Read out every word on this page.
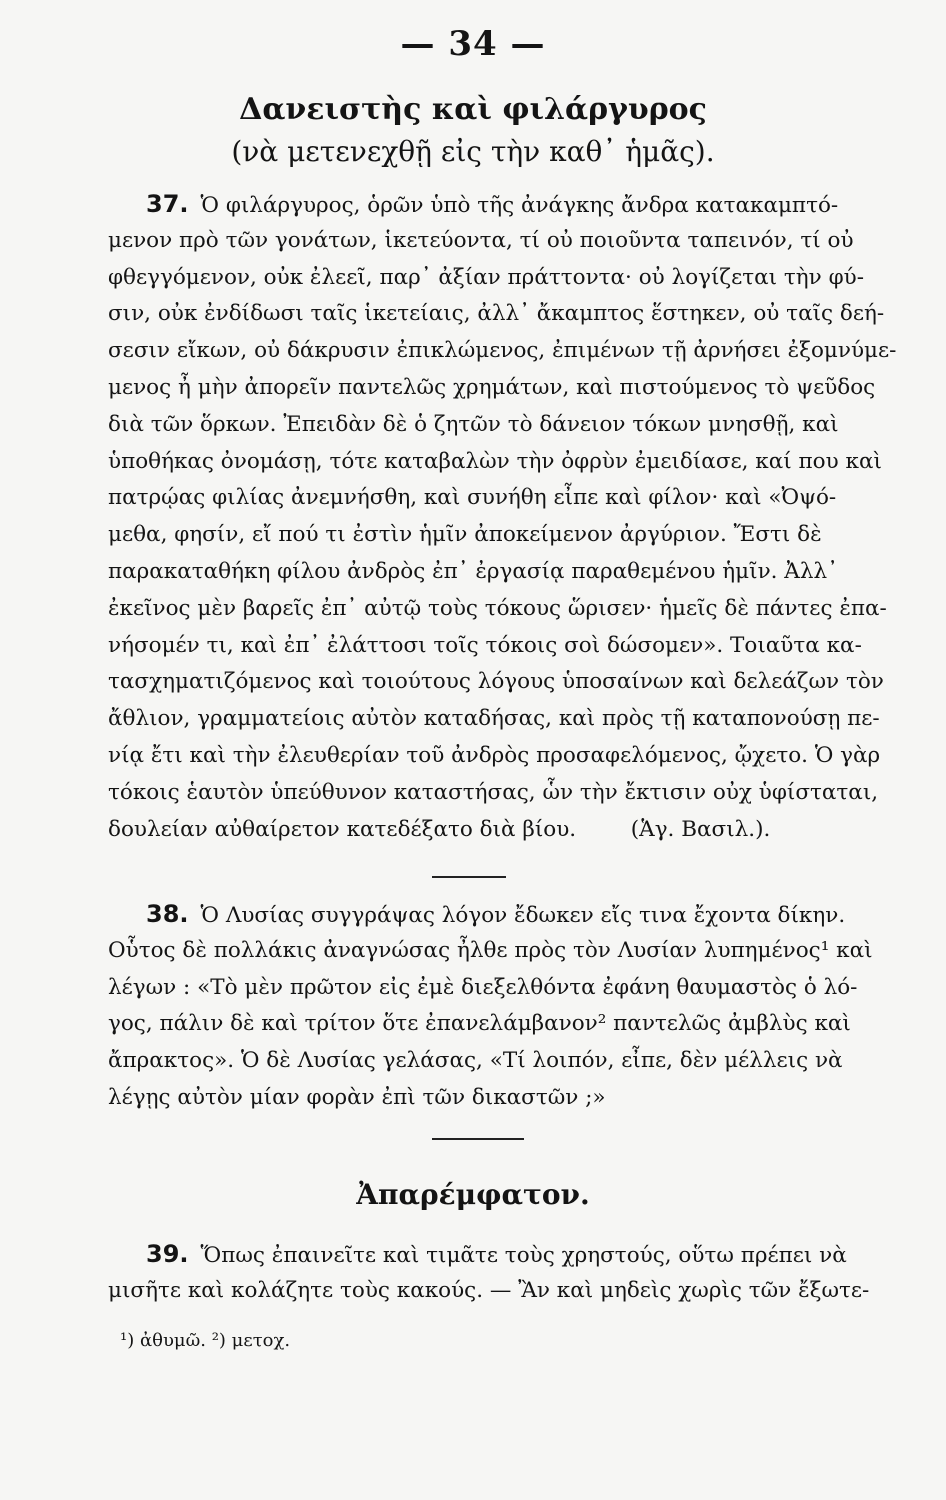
— 34 —
Δανειστὴς καὶ φιλάργυρος
(νὰ μετενεχθῇ εἰς τὴν καθ᾿ ἡμᾶς).
37. Ὁ φιλάργυρος, ὁρῶν ὑπὸ τῆς ἀνάγκης ἄνδρα κατακαμπτό-
μενον πρὸ τῶν γονάτων, ἱκετεύοντα, τί οὐ ποιοῦντα ταπεινόν, τί οὐ
φθεγγόμενον, οὐκ ἐλεεῖ, παρ᾿ ἀξίαν πράττοντα· οὐ λογίζεται τὴν φύ-
σιν, οὐκ ἐνδίδωσι ταῖς ἱκετείαις, ἀλλ᾿ ἄκαμπτος ἕστηκεν, οὐ ταῖς δεή-
σεσιν εἴκων, οὐ δάκρυσιν ἐπικλώμενος, ἐπιμένων τῇ ἀρνήσει ἐξομνύμε-
μενος ἦ μὴν ἀπορεῖν παντελῶς χρημάτων, καὶ πιστούμενος τὸ ψεῦδος
διὰ τῶν ὅρκων. Ἐπειδὰν δὲ ὁ ζητῶν τὸ δάνειον τόκων μνησθῇ, καὶ
ὑποθήκας ὀνομάσῃ, τότε καταβαλὼν τὴν ὀφρὺν ἐμειδίασε, καί που καὶ
πατρῴας φιλίας ἀνεμνήσθη, καὶ συνήθη εἶπε καὶ φίλον· καὶ «Ὀψό-
μεθα, φησίν, εἴ πού τι ἐστὶν ἡμῖν ἀποκείμενον ἀργύριον. Ἔστι δὲ
παρακαταθήκη φίλου ἀνδρὸς ἐπ᾿ ἐργασίᾳ παραθεμένου ἡμῖν. Ἀλλ᾿
ἐκεῖνος μὲν βαρεῖς ἐπ᾿ αὐτῷ τοὺς τόκους ὥρισεν· ἡμεῖς δὲ πάντες ἐπα-
νήσομέν τι, καὶ ἐπ᾿ ἐλάττοσι τοῖς τόκοις σοὶ δώσομεν». Τοιαῦτα κα-
τασχηματιζόμενος καὶ τοιούτους λόγους ὑποσαίνων καὶ δελεάζων τὸν
ἄθλιον, γραμματείοις αὐτὸν καταδήσας, καὶ πρὸς τῇ καταπονούσῃ πε-
νίᾳ ἔτι καὶ τὴν ἐλευθερίαν τοῦ ἀνδρὸς προσαφελόμενος, ᾤχετο. Ὁ γὰρ
τόκοις ἑαυτὸν ὑπεύθυνον καταστήσας, ὧν τὴν ἔκτισιν οὐχ ὑφίσταται,
δουλείαν αὐθαίρετον κατεδέξατο διὰ βίου.        (Ἁγ. Βασιλ.).
38. Ὁ Λυσίας συγγράψας λόγον ἔδωκεν εἴς τινα ἔχοντα δίκην.
Οὗτος δὲ πολλάκις ἀναγνώσας ἦλθε πρὸς τὸν Λυσίαν λυπημένος¹ καὶ
λέγων : «Τὸ μὲν πρῶτον εἰς ἐμὲ διεξελθόντα ἐφάνη θαυμαστὸς ὁ λό-
γος, πάλιν δὲ καὶ τρίτον ὅτε ἐπανελάμβανον² παντελῶς ἀμβλὺς καὶ
ἄπρακτος». Ὁ δὲ Λυσίας γελάσας, «Τί λοιπόν, εἶπε, δὲν μέλλεις νὰ
λέγῃς αὐτὸν μίαν φορὰν ἐπὶ τῶν δικαστῶν ;»
Ἀπαρέμφατον.
39. Ὅπως ἐπαινεῖτε καὶ τιμᾶτε τοὺς χρηστούς, οὕτω πρέπει νὰ
μισῆτε καὶ κολάζητε τοὺς κακούς. — Ἂν καὶ μηδεὶς χωρὶς τῶν ἔξωτε-
¹) ἀθυμῶ. ²) μετοχ.
